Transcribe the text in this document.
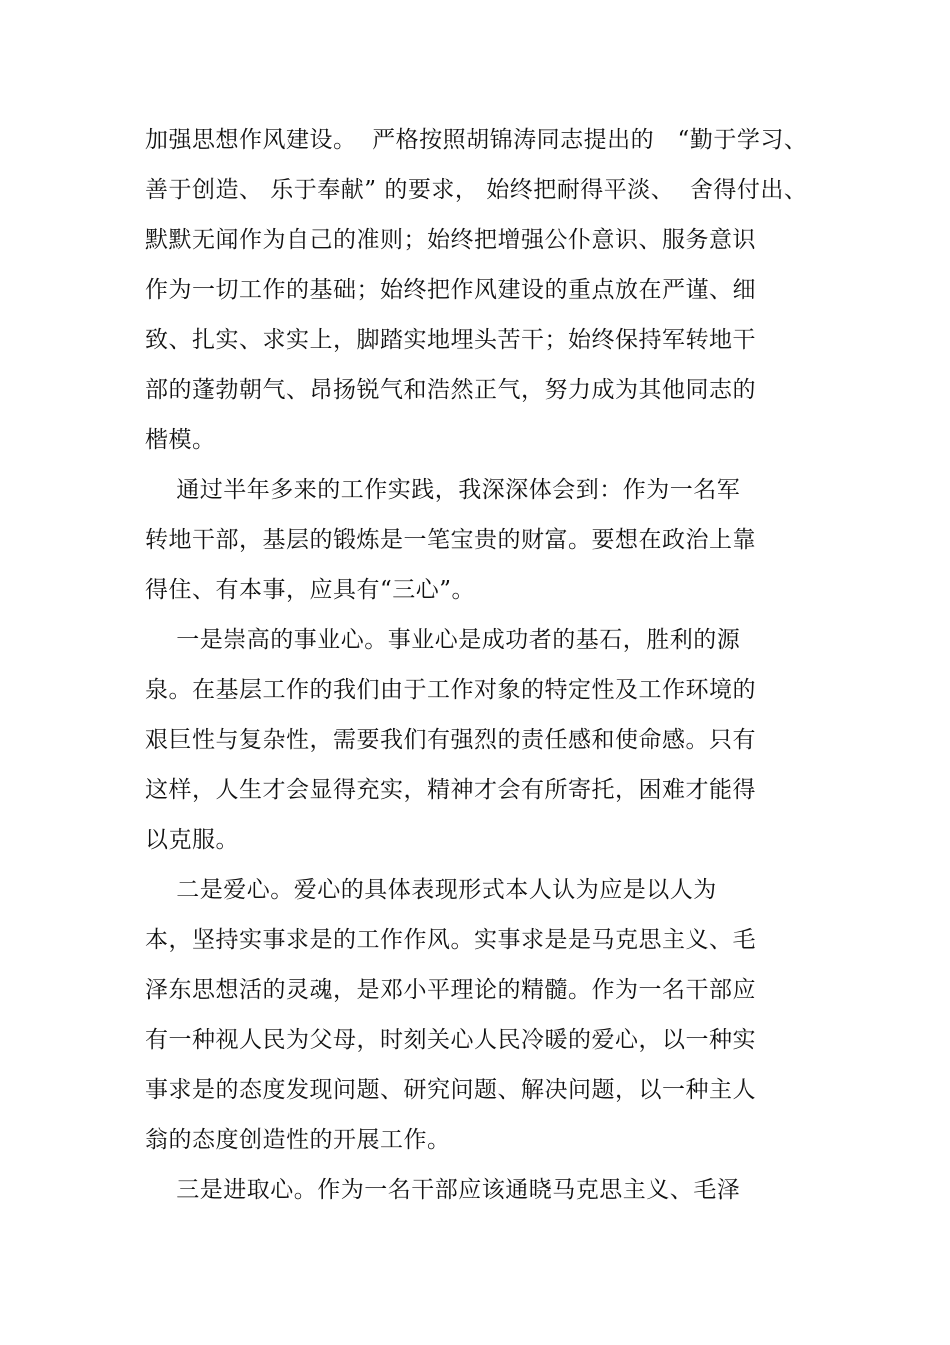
加强思想作风建设。  严格按照胡锦涛同志提出的   “勤于学习、
善于创造、 乐于奉献” 的要求， 始终把耐得平淡、  舍得付出、
默默无闻作为自己的准则；始终把增强公仆意识、服务意识
作为一切工作的基础；始终把作风建设的重点放在严谨、细
致、扎实、求实上，脚踏实地埋头苦干；始终保持军转地干
部的蓬勃朝气、昂扬锐气和浩然正气，努力成为其他同志的
楷模。
通过半年多来的工作实践，我深深体会到：作为一名军
转地干部，基层的锻炼是一笔宝贵的财富。要想在政治上靠
得住、有本事，应具有“三心”。
一是崇高的事业心。事业心是成功者的基石，胜利的源
泉。在基层工作的我们由于工作对象的特定性及工作环境的
艰巨性与复杂性，需要我们有强烈的责任感和使命感。只有
这样，人生才会显得充实，精神才会有所寄托，困难才能得
以克服。
二是爱心。爱心的具体表现形式本人认为应是以人为
本，坚持实事求是的工作作风。实事求是是马克思主义、毛
泽东思想活的灵魂，是邓小平理论的精髓。作为一名干部应
有一种视人民为父母，时刻关心人民冷暖的爱心，以一种实
事求是的态度发现问题、研究问题、解决问题，以一种主人
翁的态度创造性的开展工作。
三是进取心。作为一名干部应该通晓马克思主义、毛泽
